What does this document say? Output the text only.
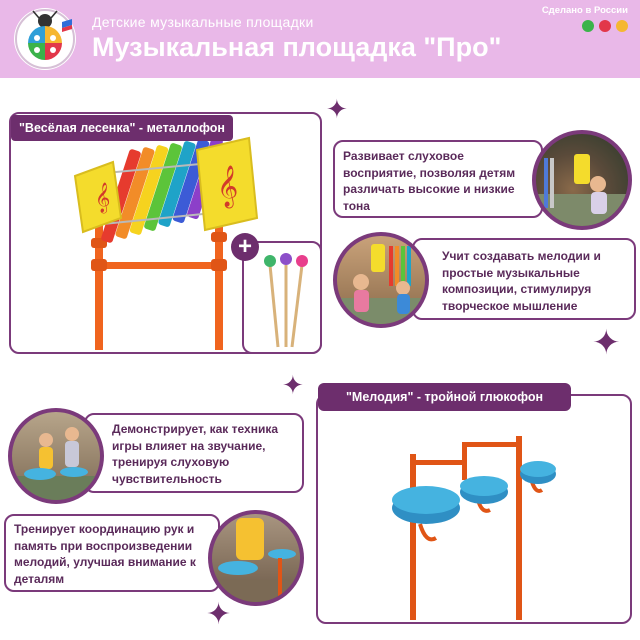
Детские музыкальные площадки
Музыкальная площадка "Про"
Сделано в России
𝄞	𝄞
"Весёлая лесенка" - металлофон
+
Развивает слуховое восприятие, позволяя детям различать высокие и низкие тона
Учит создавать мелодии и простые музыкальные композиции, стимулируя творческое мышление
"Мелодия" - тройной глюкофон
Демонстрирует, как техника игры влияет на звучание, тренируя слуховую чувствительность
Тренирует координацию рук и память при воспроизведении мелодий, улучшая внимание к деталям
✦
✦
✦
✦
